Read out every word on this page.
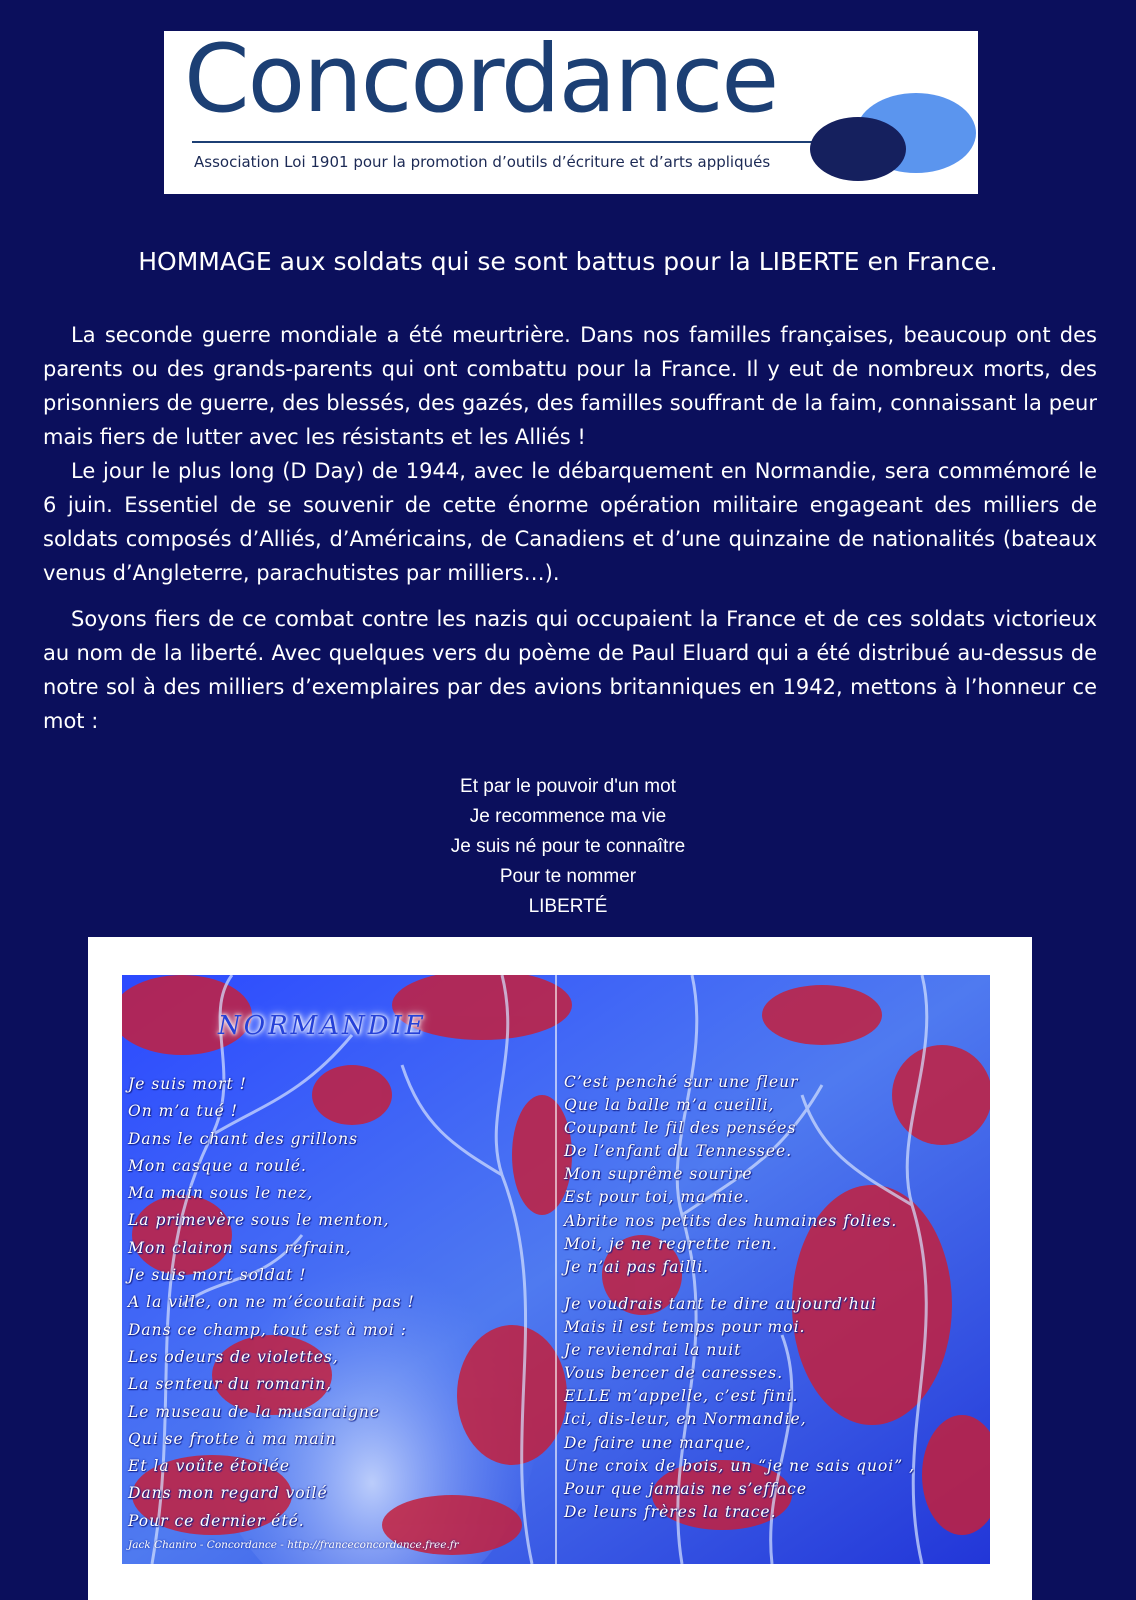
Concordance
Association Loi 1901 pour la promotion d’outils d’écriture et d’arts appliqués
HOMMAGE aux soldats qui se sont battus pour la LIBERTE en France.

La seconde guerre mondiale a été meurtrière. Dans nos familles françaises, beaucoup ont des parents ou des grands-parents qui ont combattu pour la France. Il y eut de nombreux morts, des prisonniers de guerre, des blessés, des gazés, des familles souffrant de la faim, connaissant la peur mais fiers de lutter avec les résistants et les Alliés !

Le jour le plus long (D Day) de 1944, avec le débarquement en Normandie, sera commémoré le 6 juin. Essentiel de se souvenir de cette énorme opération militaire engageant des milliers de soldats composés d’Alliés, d’Américains, de Canadiens et d’une quinzaine de nationalités (bateaux venus d’Angleterre, parachutistes par milliers…).

Soyons fiers de ce combat contre les nazis qui occupaient la France et de ces soldats victorieux au nom de la liberté. Avec quelques vers du poème de Paul Eluard qui a été distribué au-dessus de notre sol à des milliers d’exemplaires par des avions britanniques en 1942, mettons à l’honneur ce mot :

Et par le pouvoir d'un mot
Je recommence ma vie
Je suis né pour te connaître
Pour te nommer
LIBERTÉ
NORMANDIE
Je suis mort !
On m’a tué !
Dans le chant des grillons
Mon casque a roulé.
Ma main sous le nez,
La primevère sous le menton,
Mon clairon sans refrain,
Je suis mort soldat !
A la ville, on ne m’écoutait pas !
Dans ce champ, tout est à moi :
Les odeurs de violettes,
La senteur du romarin,
Le museau de la musaraigne
Qui se frotte à ma main
Et la voûte étoilée
Dans mon regard voilé
Pour ce dernier été.
C’est penché sur une fleur
Que la balle m’a cueilli,
Coupant le fil des pensées
De l’enfant du Tennessee.
Mon suprême sourire
Est pour toi, ma mie.
Abrite nos petits des humaines folies.
Moi, je ne regrette rien.
Je n’ai pas failli.
Je voudrais tant te dire aujourd’hui
Mais il est temps pour moi.
Je reviendrai la nuit
Vous bercer de caresses.
ELLE m’appelle, c’est fini.
Ici, dis-leur, en Normandie,
De faire une marque,
Une croix de bois, un “je ne sais quoi” ,
Pour que jamais ne s’efface
De leurs frères la trace.
Jack Chaniro - Concordance - http://franceconcordance.free.fr
